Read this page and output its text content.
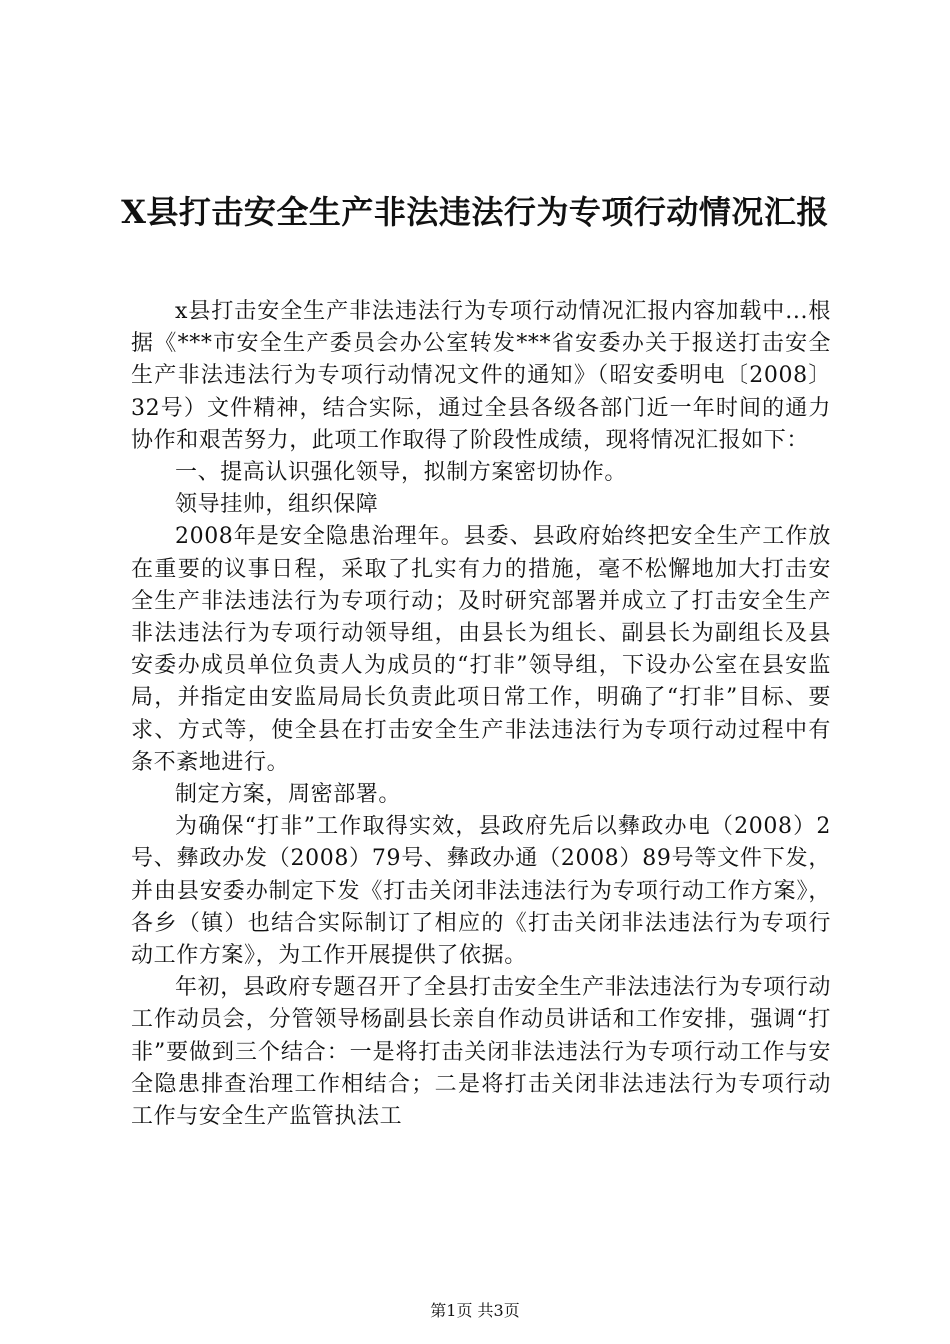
X县打击安全生产非法违法行为专项行动情况汇报

x县打击安全生产非法违法行为专项行动情况汇报内容加载中...根据《***市安全生产委员会办公室转发***省安委办关于报送打击安全生产非法违法行为专项行动情况文件的通知》（昭安委明电〔2008〕32号）文件精神，结合实际，通过全县各级各部门近一年时间的通力协作和艰苦努力，此项工作取得了阶段性成绩，现将情况汇报如下：

一、提高认识强化领导，拟制方案密切协作。

领导挂帅，组织保障

2008年是安全隐患治理年。县委、县政府始终把安全生产工作放在重要的议事日程，采取了扎实有力的措施，毫不松懈地加大打击安全生产非法违法行为专项行动；及时研究部署并成立了打击安全生产非法违法行为专项行动领导组，由县长为组长、副县长为副组长及县安委办成员单位负责人为成员的“打非”领导组，下设办公室在县安监局，并指定由安监局局长负责此项日常工作，明确了“打非”目标、要求、方式等，使全县在打击安全生产非法违法行为专项行动过程中有条不紊地进行。

制定方案，周密部署。

为确保“打非”工作取得实效，县政府先后以彝政办电（2008）2号、彝政办发（2008）79号、彝政办通（2008）89号等文件下发，并由县安委办制定下发《打击关闭非法违法行为专项行动工作方案》，各乡（镇）也结合实际制订了相应的《打击关闭非法违法行为专项行动工作方案》，为工作开展提供了依据。

年初，县政府专题召开了全县打击安全生产非法违法行为专项行动工作动员会，分管领导杨副县长亲自作动员讲话和工作安排，强调“打非”要做到三个结合：一是将打击关闭非法违法行为专项行动工作与安全隐患排查治理工作相结合；二是将打击关闭非法违法行为专项行动工作与安全生产监管执法工

第1页 共3页
